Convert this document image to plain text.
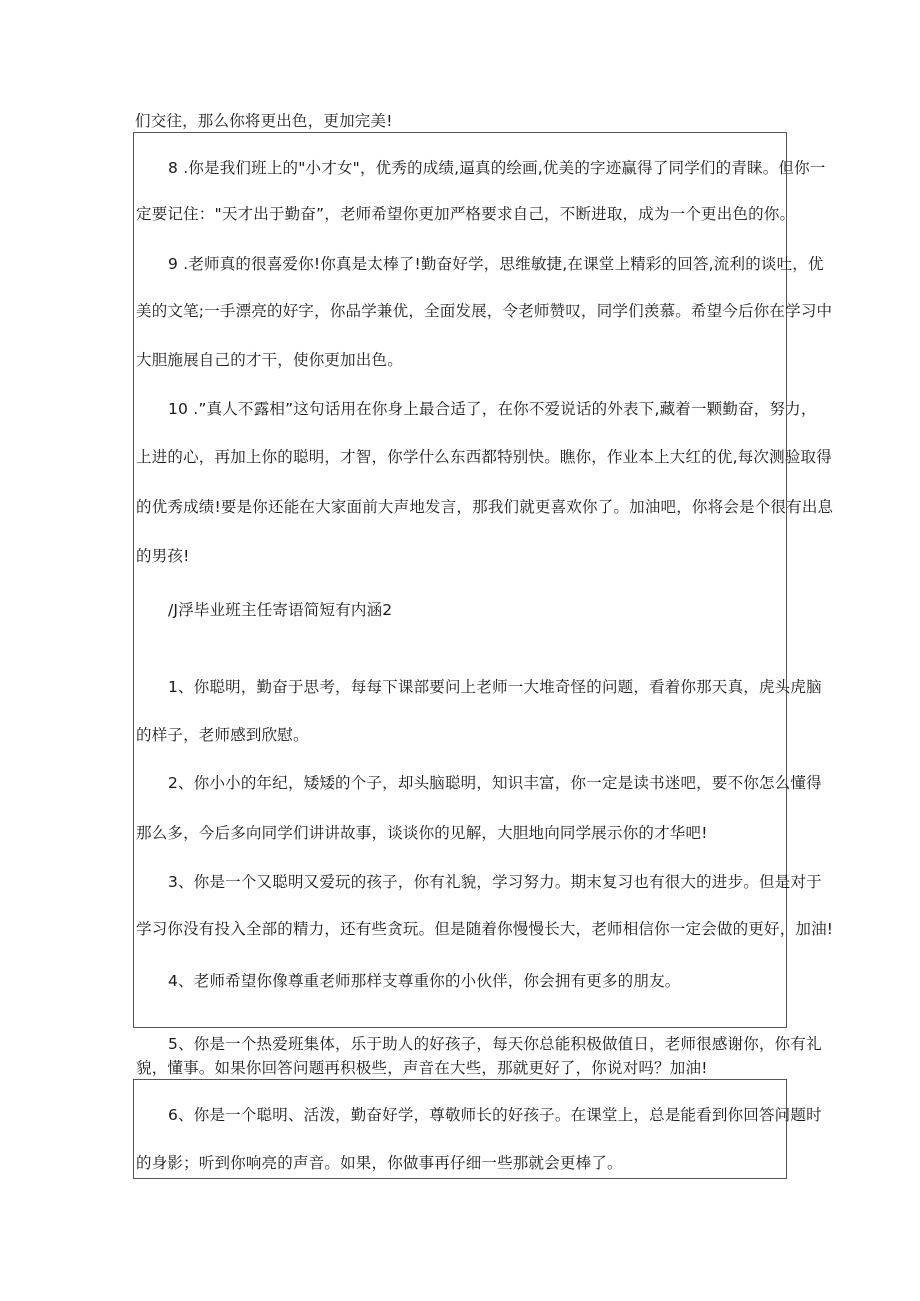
们交往，那么你将更出色，更加完美!
8 .你是我们班上的"小才女"，优秀的成绩,逼真的绘画,优美的字迹赢得了同学们的青睐。但你一
定要记住："天才出于勤奋”，老师希望你更加严格要求自己，不断进取，成为一个更出色的你。
9 .老师真的很喜爱你!你真是太棒了!勤奋好学，思维敏捷,在课堂上精彩的回答,流利的谈吐，优
美的文笔;一手漂亮的好字，你品学兼优，全面发展，令老师赞叹，同学们羡慕。希望今后你在学习中
大胆施展自己的才干，使你更加出色。
10 .”真人不露相”这句话用在你身上最合适了，在你不爱说话的外表下,藏着一颗勤奋，努力，
上进的心，再加上你的聪明，才智，你学什么东西都特别快。瞧你，作业本上大红的优,每次测验取得
的优秀成绩!要是你还能在大家面前大声地发言，那我们就更喜欢你了。加油吧，你将会是个很有出息
的男孩!
/J浮毕业班主任寄语简短有内涵2
1、你聪明，勤奋于思考，每每下课部要问上老师一大堆奇怪的问题，看着你那天真，虎头虎脑
的样子，老师感到欣慰。
2、你小小的年纪，矮矮的个子，却头脑聪明，知识丰富，你一定是读书迷吧，要不你怎么懂得
那么多，今后多向同学们讲讲故事，谈谈你的见解，大胆地向同学展示你的才华吧!
3、你是一个又聪明又爱玩的孩子，你有礼貌，学习努力。期末复习也有很大的进步。但是对于
学习你没有投入全部的精力，还有些贪玩。但是随着你慢慢长大，老师相信你一定会做的更好，加油!
4、老师希望你像尊重老师那样支尊重你的小伙伴，你会拥有更多的朋友。
5、你是一个热爱班集体，乐于助人的好孩子，每天你总能积极做值日，老师很感谢你，你有礼
貌，懂事。如果你回答问题再积极些，声音在大些，那就更好了，你说对吗？加油!
6、你是一个聪明、活泼，勤奋好学，尊敬师长的好孩子。在课堂上，总是能看到你回答问题时
的身影；听到你响亮的声音。如果，你做事再仔细一些那就会更棒了。
